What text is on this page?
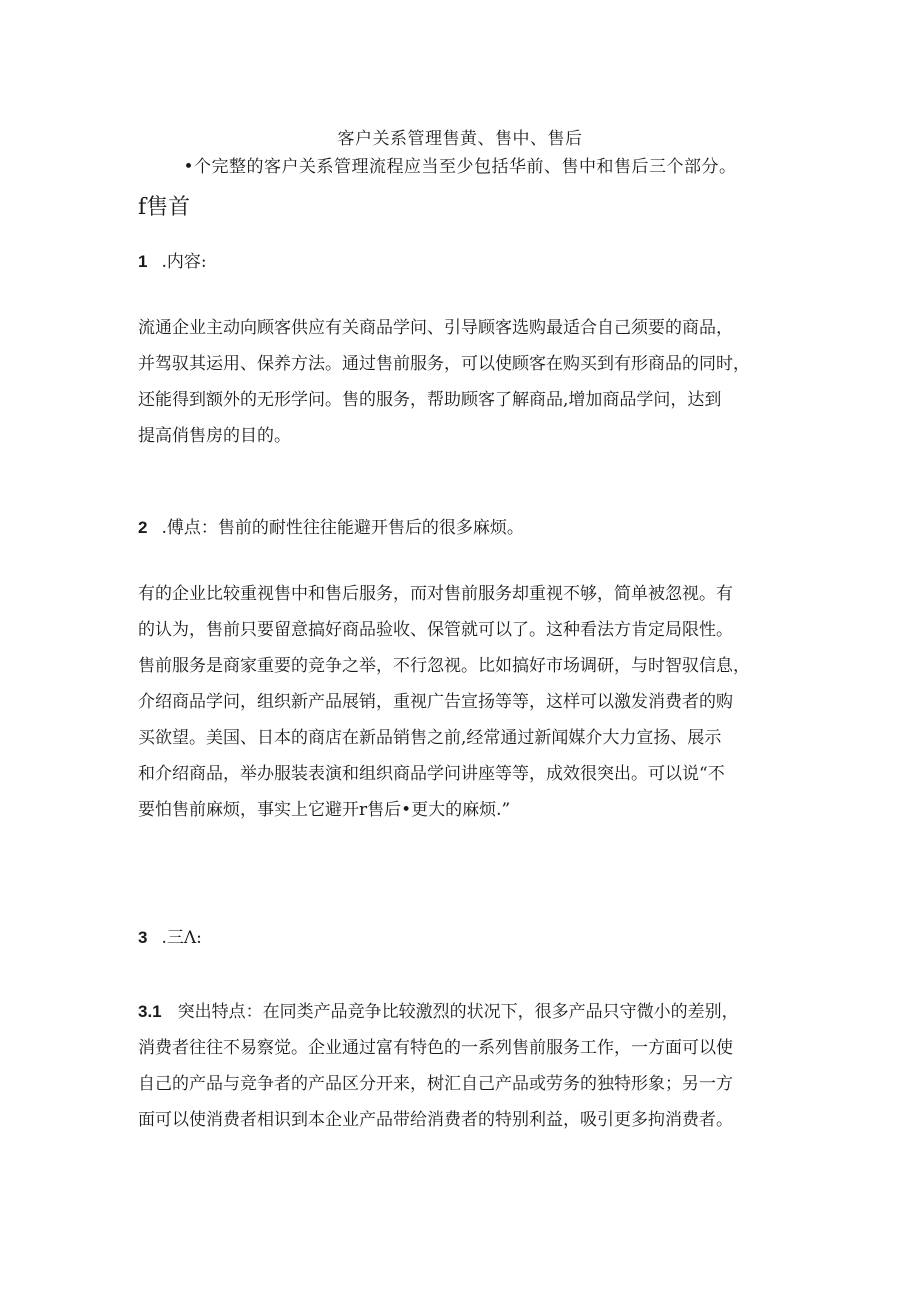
客户关系管理售黄、售中、售后
•个完整的客户关系管理流程应当至少包括华前、售中和售后三个部分。
f售首
1 .内容:
流通企业主动向顾客供应有关商品学问、引导顾客选购最适合自己须要的商品，
并驾驭其运用、保养方法。通过售前服务，可以使顾客在购买到有形商品的同时，
还能得到额外的无形学问。售的服务，帮助顾客了解商品,增加商品学问，达到
提高俏售房的目的。
2 .傅点：售前的耐性往往能避开售后的很多麻烦。
有的企业比较重视售中和售后服务，而对售前服务却重视不够，简单被忽视。有
的认为，售前只要留意搞好商品验收、保管就可以了。这种看法方肯定局限性。
售前服务是商家重要的竞争之举，不行忽视。比如搞好市场调研，与时智驭信息，
介绍商品学问，组织新产品展销，重视广告宣扬等等，这样可以激发消费者的购
买欲望。美国、日本的商店在新品销售之前,经常通过新闻媒介大力宣扬、展示
和介绍商品，举办服装表演和组织商品学问讲座等等，成效很突出。可以说“不
要怕售前麻烦，事实上它避开r售后•更大的麻烦.”
3 .三Λ:
3.1 突出特点：在同类产品竞争比较激烈的状况下，很多产品只守微小的差别，
消费者往往不易察觉。企业通过富有特色的一系列售前服务工作，一方面可以使
自己的产品与竞争者的产品区分开来，树汇自己产品或劳务的独特形象；另一方
面可以使消费者相识到本企业产品带给消费者的特别利益，吸引更多拘消费者。
